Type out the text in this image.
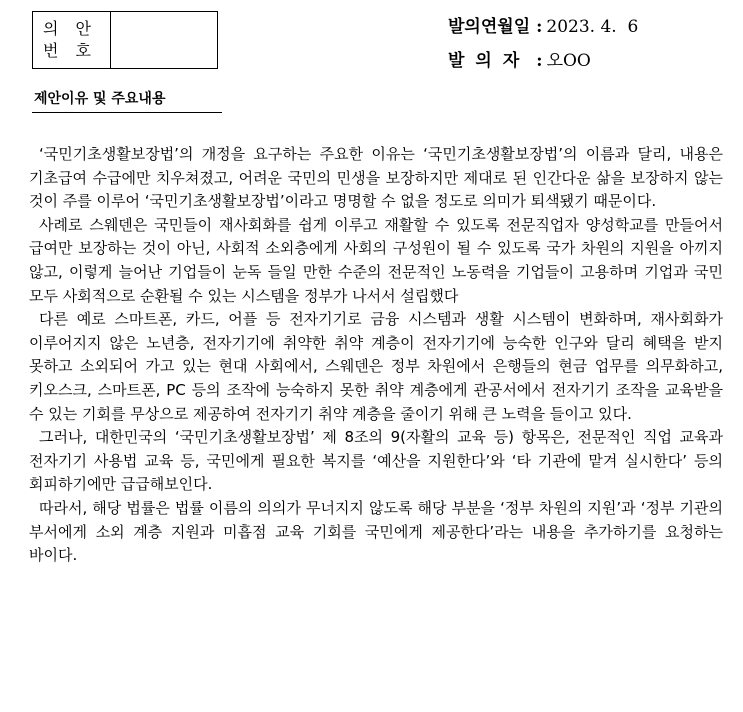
의 안
번 호
발의연월일 : 2023. 4.  6
발의자 : 오OO
제안이유 및 주요내용

‘국민기초생활보장법’의 개정을 요구하는 주요한 이유는 ‘국민기초생활보장법’의 이름과 달리, 내용은 기초급여 수급에만 치우쳐졌고, 어려운 국민의 민생을 보장하지만 제대로 된 인간다운 삶을 보장하지 않는 것이 주를 이루어 ‘국민기초생활보장법’이라고 명명할 수 없을 정도로 의미가 퇴색됐기 때문이다.

사례로 스웨덴은 국민들이 재사회화를 쉽게 이루고 재활할 수 있도록 전문직업자 양성학교를 만들어서 급여만 보장하는 것이 아닌, 사회적 소외층에게 사회의 구성원이 될 수 있도록 국가 차원의 지원을 아끼지 않고, 이렇게 늘어난 기업들이 눈독 들일 만한 수준의 전문적인 노동력을 기업들이 고용하며 기업과 국민 모두 사회적으로 순환될 수 있는 시스템을 정부가 나서서 설립했다

다른 예로 스마트폰, 카드, 어플 등 전자기기로 금융 시스템과 생활 시스템이 변화하며, 재사회화가 이루어지지 않은 노년층, 전자기기에 취약한 취약 계층이 전자기기에 능숙한 인구와 달리 혜택을 받지 못하고 소외되어 가고 있는 현대 사회에서, 스웨덴은 정부 차원에서 은행들의 현금 업무를 의무화하고, 키오스크, 스마트폰, PC 등의 조작에 능숙하지 못한 취약 계층에게 관공서에서 전자기기 조작을 교육받을 수 있는 기회를 무상으로 제공하여 전자기기 취약 계층을 줄이기 위해 큰 노력을 들이고 있다.

그러나, 대한민국의 ‘국민기초생활보장법’ 제 8조의 9(자활의 교육 등) 항목은, 전문적인 직업 교육과 전자기기 사용법 교육 등, 국민에게 필요한 복지를 ‘예산을 지원한다’와 ‘타 기관에 맡겨 실시한다’ 등의 회피하기에만 급급해보인다.

따라서, 해당 법률은 법률 이름의 의의가 무너지지 않도록 해당 부분을 ‘정부 차원의 지원’과 ‘정부 기관의 부서에게 소외 계층 지원과 미흡점 교육 기회를 국민에게 제공한다’라는 내용을 추가하기를 요청하는 바이다.
